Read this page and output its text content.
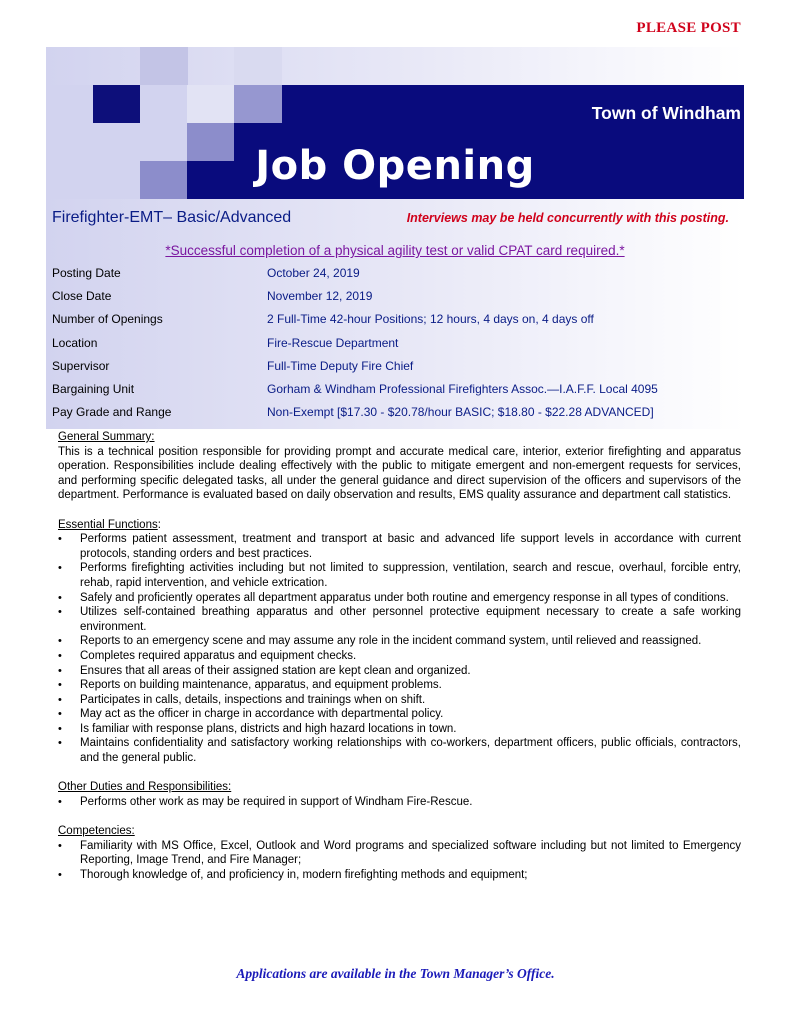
PLEASE POST
Town of Windham
Job Opening
Firefighter-EMT– Basic/Advanced	Interviews may be held concurrently with this posting.
*Successful completion of a physical agility test or valid CPAT card required.*
Posting Date	October 24, 2019
Close Date	November 12, 2019
Number of Openings	2 Full-Time 42-hour Positions; 12 hours, 4 days on, 4 days off
Location	Fire-Rescue Department
Supervisor	Full-Time Deputy Fire Chief
Bargaining Unit	Gorham & Windham Professional Firefighters Assoc.—I.A.F.F. Local 4095
Pay Grade and Range	Non-Exempt [$17.30 - $20.78/hour BASIC; $18.80 - $22.28 ADVANCED]

General Summary:

This is a technical position responsible for providing prompt and accurate medical care, interior, exterior firefighting and apparatus operation. Responsibilities include dealing effectively with the public to mitigate emergent and non-emergent requests for services, and performing specific delegated tasks, all under the general guidance and direct supervision of the officers and supervisors of the department. Performance is evaluated based on daily observation and results, EMS quality assurance and department call statistics.

Essential Functions:

• Performs patient assessment, treatment and transport at basic and advanced life support levels in accordance with current protocols, standing orders and best practices.
• Performs firefighting activities including but not limited to suppression, ventilation, search and rescue, overhaul, forcible entry, rehab, rapid intervention, and vehicle extrication.
• Safely and proficiently operates all department apparatus under both routine and emergency response in all types of conditions.
• Utilizes self-contained breathing apparatus and other personnel protective equipment necessary to create a safe working environment.
• Reports to an emergency scene and may assume any role in the incident command system, until relieved and reassigned.
• Completes required apparatus and equipment checks.
• Ensures that all areas of their assigned station are kept clean and organized.
• Reports on building maintenance, apparatus, and equipment problems.
• Participates in calls, details, inspections and trainings when on shift.
• May act as the officer in charge in accordance with departmental policy.
• Is familiar with response plans, districts and high hazard locations in town.
• Maintains confidentiality and satisfactory working relationships with co-workers, department officers, public officials, contractors, and the general public.

Other Duties and Responsibilities:

• Performs other work as may be required in support of Windham Fire-Rescue.

Competencies:

• Familiarity with MS Office, Excel, Outlook and Word programs and specialized software including but not limited to Emergency Reporting, Image Trend, and Fire Manager;
• Thorough knowledge of, and proficiency in, modern firefighting methods and equipment;
Applications are available in the Town Manager’s Office.
